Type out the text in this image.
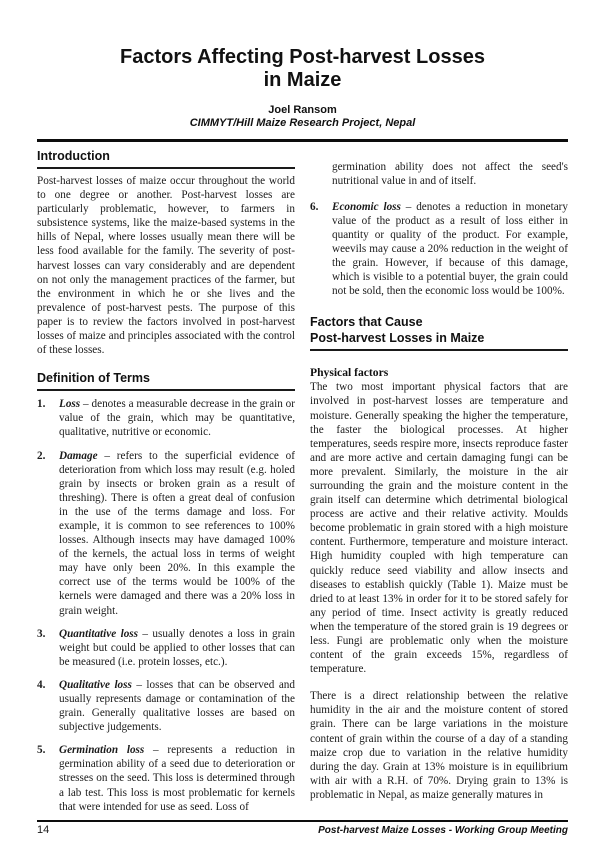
Factors Affecting Post-harvest Losses
in Maize
Joel Ransom
CIMMYT/Hill Maize Research Project, Nepal
Introduction

Post-harvest losses of maize occur throughout the world to one degree or another. Post-harvest losses are particularly problematic, however, to farmers in subsistence systems, like the maize-based systems in the hills of Nepal, where losses usually mean there will be less food available for the family. The severity of post-harvest losses can vary considerably and are dependent on not only the management practices of the farmer, but the environment in which he or she lives and the prevalence of post-harvest pests. The purpose of this paper is to review the factors involved in post-harvest losses of maize and principles associated with the control of these losses.

Definition of Terms
1.	Loss – denotes a measurable decrease in the grain or value of the grain, which may be quantitative, qualitative, nutritive or economic.
2.	Damage – refers to the superficial evidence of deterioration from which loss may result (e.g. holed grain by insects or broken grain as a result of threshing). There is often a great deal of confusion in the use of the terms damage and loss. For example, it is common to see references to 100% losses. Although insects may have damaged 100% of the kernels, the actual loss in terms of weight may have only been 20%. In this example the correct use of the terms would be 100% of the kernels were damaged and there was a 20% loss in grain weight.
3.	Quantitative loss – usually denotes a loss in grain weight but could be applied to other losses that can be measured (i.e. protein losses, etc.).
4.	Qualitative loss – losses that can be observed and usually represents damage or contamination of the grain. Generally qualitative losses are based on subjective judgements.
5.	Germination loss – represents a reduction in germination ability of a seed due to deterioration or stresses on the seed. This loss is determined through a lab test. This loss is most problematic for kernels that were intended for use as seed. Loss of

germination ability does not affect the seed's nutritional value in and of itself.

6.	Economic loss – denotes a reduction in monetary value of the product as a result of loss either in quantity or quality of the product. For example, weevils may cause a 20% reduction in the weight of the grain. However, if because of this damage, which is visible to a potential buyer, the grain could not be sold, then the economic loss would be 100%.
Factors that Cause
Post-harvest Losses in Maize
Physical factors

The two most important physical factors that are involved in post-harvest losses are temperature and moisture. Generally speaking the higher the temperature, the faster the biological processes. At higher temperatures, seeds respire more, insects reproduce faster and are more active and certain damaging fungi can be more prevalent. Similarly, the moisture in the air surrounding the grain and the moisture content in the grain itself can determine which detrimental biological process are active and their relative activity. Moulds become problematic in grain stored with a high moisture content. Furthermore, temperature and moisture interact. High humidity coupled with high temperature can quickly reduce seed viability and allow insects and diseases to establish quickly (Table 1). Maize must be dried to at least 13% in order for it to be stored safely for any period of time. Insect activity is greatly reduced when the temperature of the stored grain is 19 degrees or less. Fungi are problematic only when the moisture content of the grain exceeds 15%, regardless of temperature.

There is a direct relationship between the relative humidity in the air and the moisture content of stored grain. There can be large variations in the moisture content of grain within the course of a day of a standing maize crop due to variation in the relative humidity during the day. Grain at 13% moisture is in equilibrium with air with a R.H. of 70%. Drying grain to 13% is problematic in Nepal, as maize generally matures in

14	Post-harvest Maize Losses - Working Group Meeting
